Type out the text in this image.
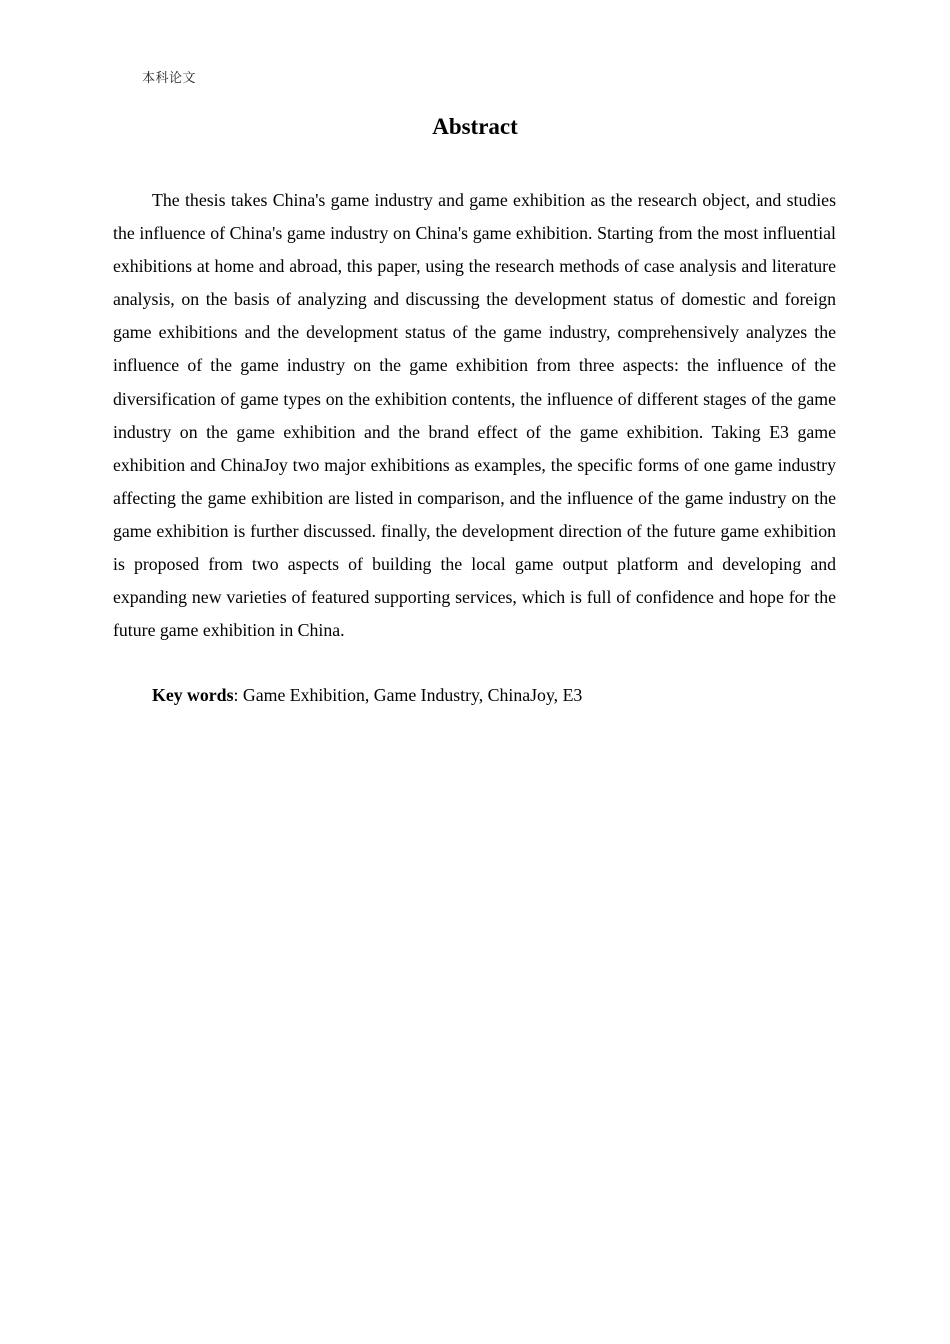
本科论文
Abstract

The thesis takes China's game industry and game exhibition as the research object, and studies the influence of China's game industry on China's game exhibition. Starting from the most influential exhibitions at home and abroad, this paper, using the research methods of case analysis and literature analysis, on the basis of analyzing and discussing the development status of domestic and foreign game exhibitions and the development status of the game industry, comprehensively analyzes the influence of the game industry on the game exhibition from three aspects: the influence of the diversification of game types on the exhibition contents, the influence of different stages of the game industry on the game exhibition and the brand effect of the game exhibition. Taking E3 game exhibition and ChinaJoy two major exhibitions as examples, the specific forms of one game industry affecting the game exhibition are listed in comparison, and the influence of the game industry on the game exhibition is further discussed. finally, the development direction of the future game exhibition is proposed from two aspects of building the local game output platform and developing and expanding new varieties of featured supporting services, which is full of confidence and hope for the future game exhibition in China.

Key words: Game Exhibition, Game Industry, ChinaJoy, E3
